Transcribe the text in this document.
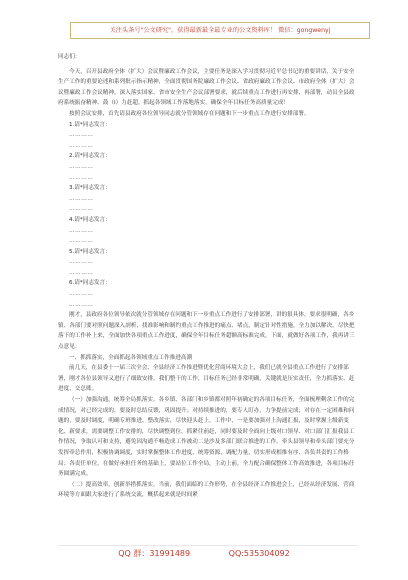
关注头条号"公文研究"，获得最新最全最专业的公文资料库！ 微信：gongwenyj

同志们：

今天，召开县政府全体（扩大）会议暨廉政工作会议，主要任务是深入学习贯彻习近平总书记的重要讲话，关于安全生产工作的重要论述和系列批示指示精神，全面贯彻国务院廉政工作会议、省政府廉政工作会议、市政府全体（扩大）会议暨廉政工作会议精神，深入落实国家、省市安全生产会议部署要求，就后续重点工作进行再安排、再部署，动员全县政府系统振奋精神、鼓（I）力赶超，抓起各领域工作落地落实，确保全年目标任务高质量完成！

按照会议安排，首先请县政府各位领导同志就分管领域存在问题和下一步重点工作进行安排部署。

1.请*同志发言：

…………

…………

2.请*同志发言：

…………

…………

3.请*同志发言：

…………

…………

4.请*同志发言：

…………

…………

5.请*同志发言：

…………

…………

6.请*同志发言：

…………

…………

刚才，县政府各位领导依次就分管领域存在问题和下一步重点工作进行了安排部署，讲的很具体，要求很明确，各乡镇、各部门要对照问题深入剖析，找准影响和制约重点工作推进的痛点、堵点，制定针对性措施，全力加以解决，尽快把落下的工作补上来，全面加快各项重点工作进度，确保全年目标任务超额高标准完成。下面，就做好各项工作，我再讲三点意见：

一、抓抓落实，全面抓起各领域重点工作推进高潮

前几天，在县委十一届三次全会、全县经济工作推进暨优化营商环境大会上，我们已就全县重点工作进行了安排部署，刚才各位县领导又进行了细致安排。我们整干的工作，目标任务已经非常明确，关键就是压实责任，全力抓落实、赶进度、交总账。

（一）加强沟通，统筹全局抓落实。各乡镇、各部门和乡镇都对照年初确定的各项目标任务，全面梳理剩余工作的完成情况，对已经完成的，要及时总结反馈，巩固提升；对持续推进的，要专人盯办，力争提前完成；对存在一定困难和问题的，要及时调度，明确专班推进、整改落实，尽快迎头赶上。工作中，一是要加强对上沟通汇报，及时掌握上级新变化、新要求，需要调整工作安排的，尽快调整到位，抓紧往前赶，同时要及时全面向上级对口领导、对口部门汇报我县工作情况，争取认可和支持，避免因沟通不畅造成工作被动二是沙及多部门联合推进的工作，牵头县领导和牵头部门要充分发挥牵总作用，积极协调调度，实时掌握整体工作进度，统筹资源，调配力量，切实形成相推有序、各负其责的工作格局；各责任单位，在做好承担任务的基础上，要站位工作全局，主动上前，全力配合确保整体工作高效推进，各项目标任务圆满完成。

（二）提高效率，创新举措抓落实。当前，我们面临的工作形势，在全县经济工作推进会上，已经从经济发展、营商环境等方面跟大家进行了系统交流，概括起来就是时间紧

QQ 群：31991489	QQ:535304092
